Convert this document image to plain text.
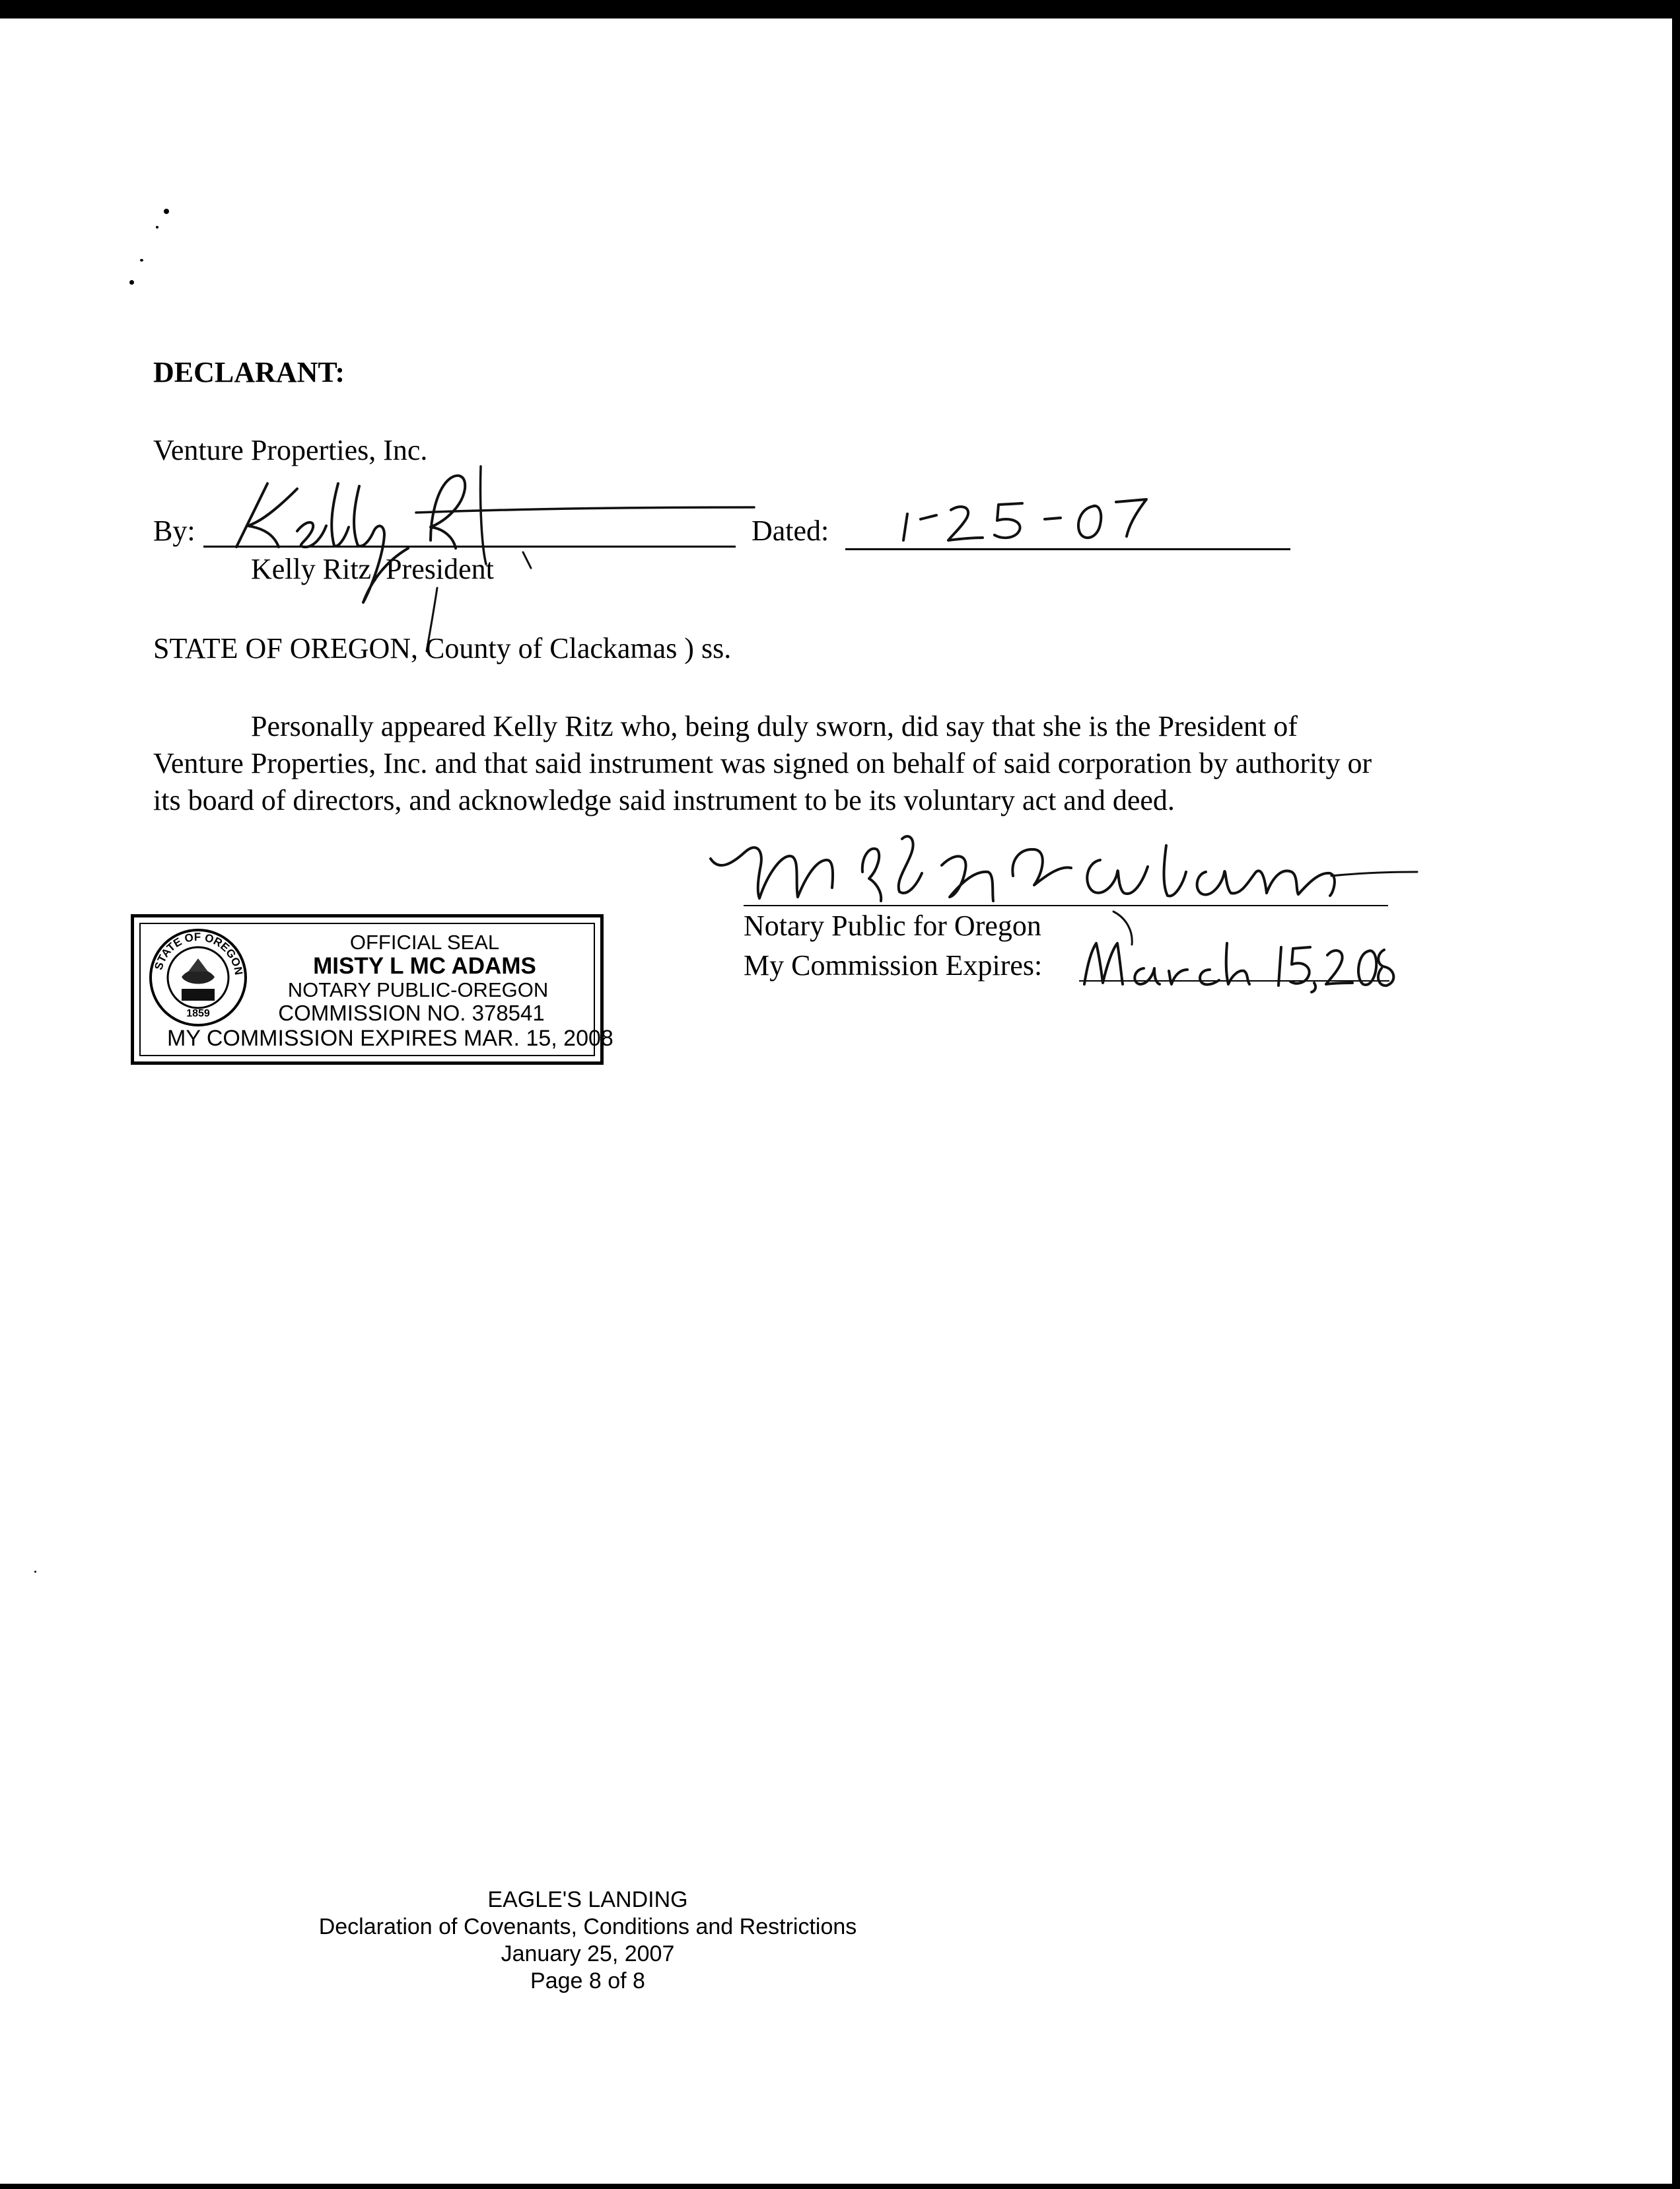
DECLARANT:
Venture Properties, Inc.
By:	Dated:
Kelly Ritz, President
STATE OF OREGON, County of Clackamas ) ss.
Personally appeared Kelly Ritz who, being duly sworn, did say that she is the President of
Venture Properties, Inc. and that said instrument was signed on behalf of said corporation by authority or
its board of directors, and acknowledge said instrument to be its voluntary act and deed.
Notary Public for Oregon
My Commission Expires:
STATE OF OREGON
1859
OFFICIAL SEAL
MISTY L MC ADAMS
NOTARY PUBLIC-OREGON
COMMISSION NO. 378541
MY COMMISSION EXPIRES MAR. 15, 2008
EAGLE'S LANDING
Declaration of Covenants, Conditions and Restrictions
January 25, 2007
Page 8 of 8
